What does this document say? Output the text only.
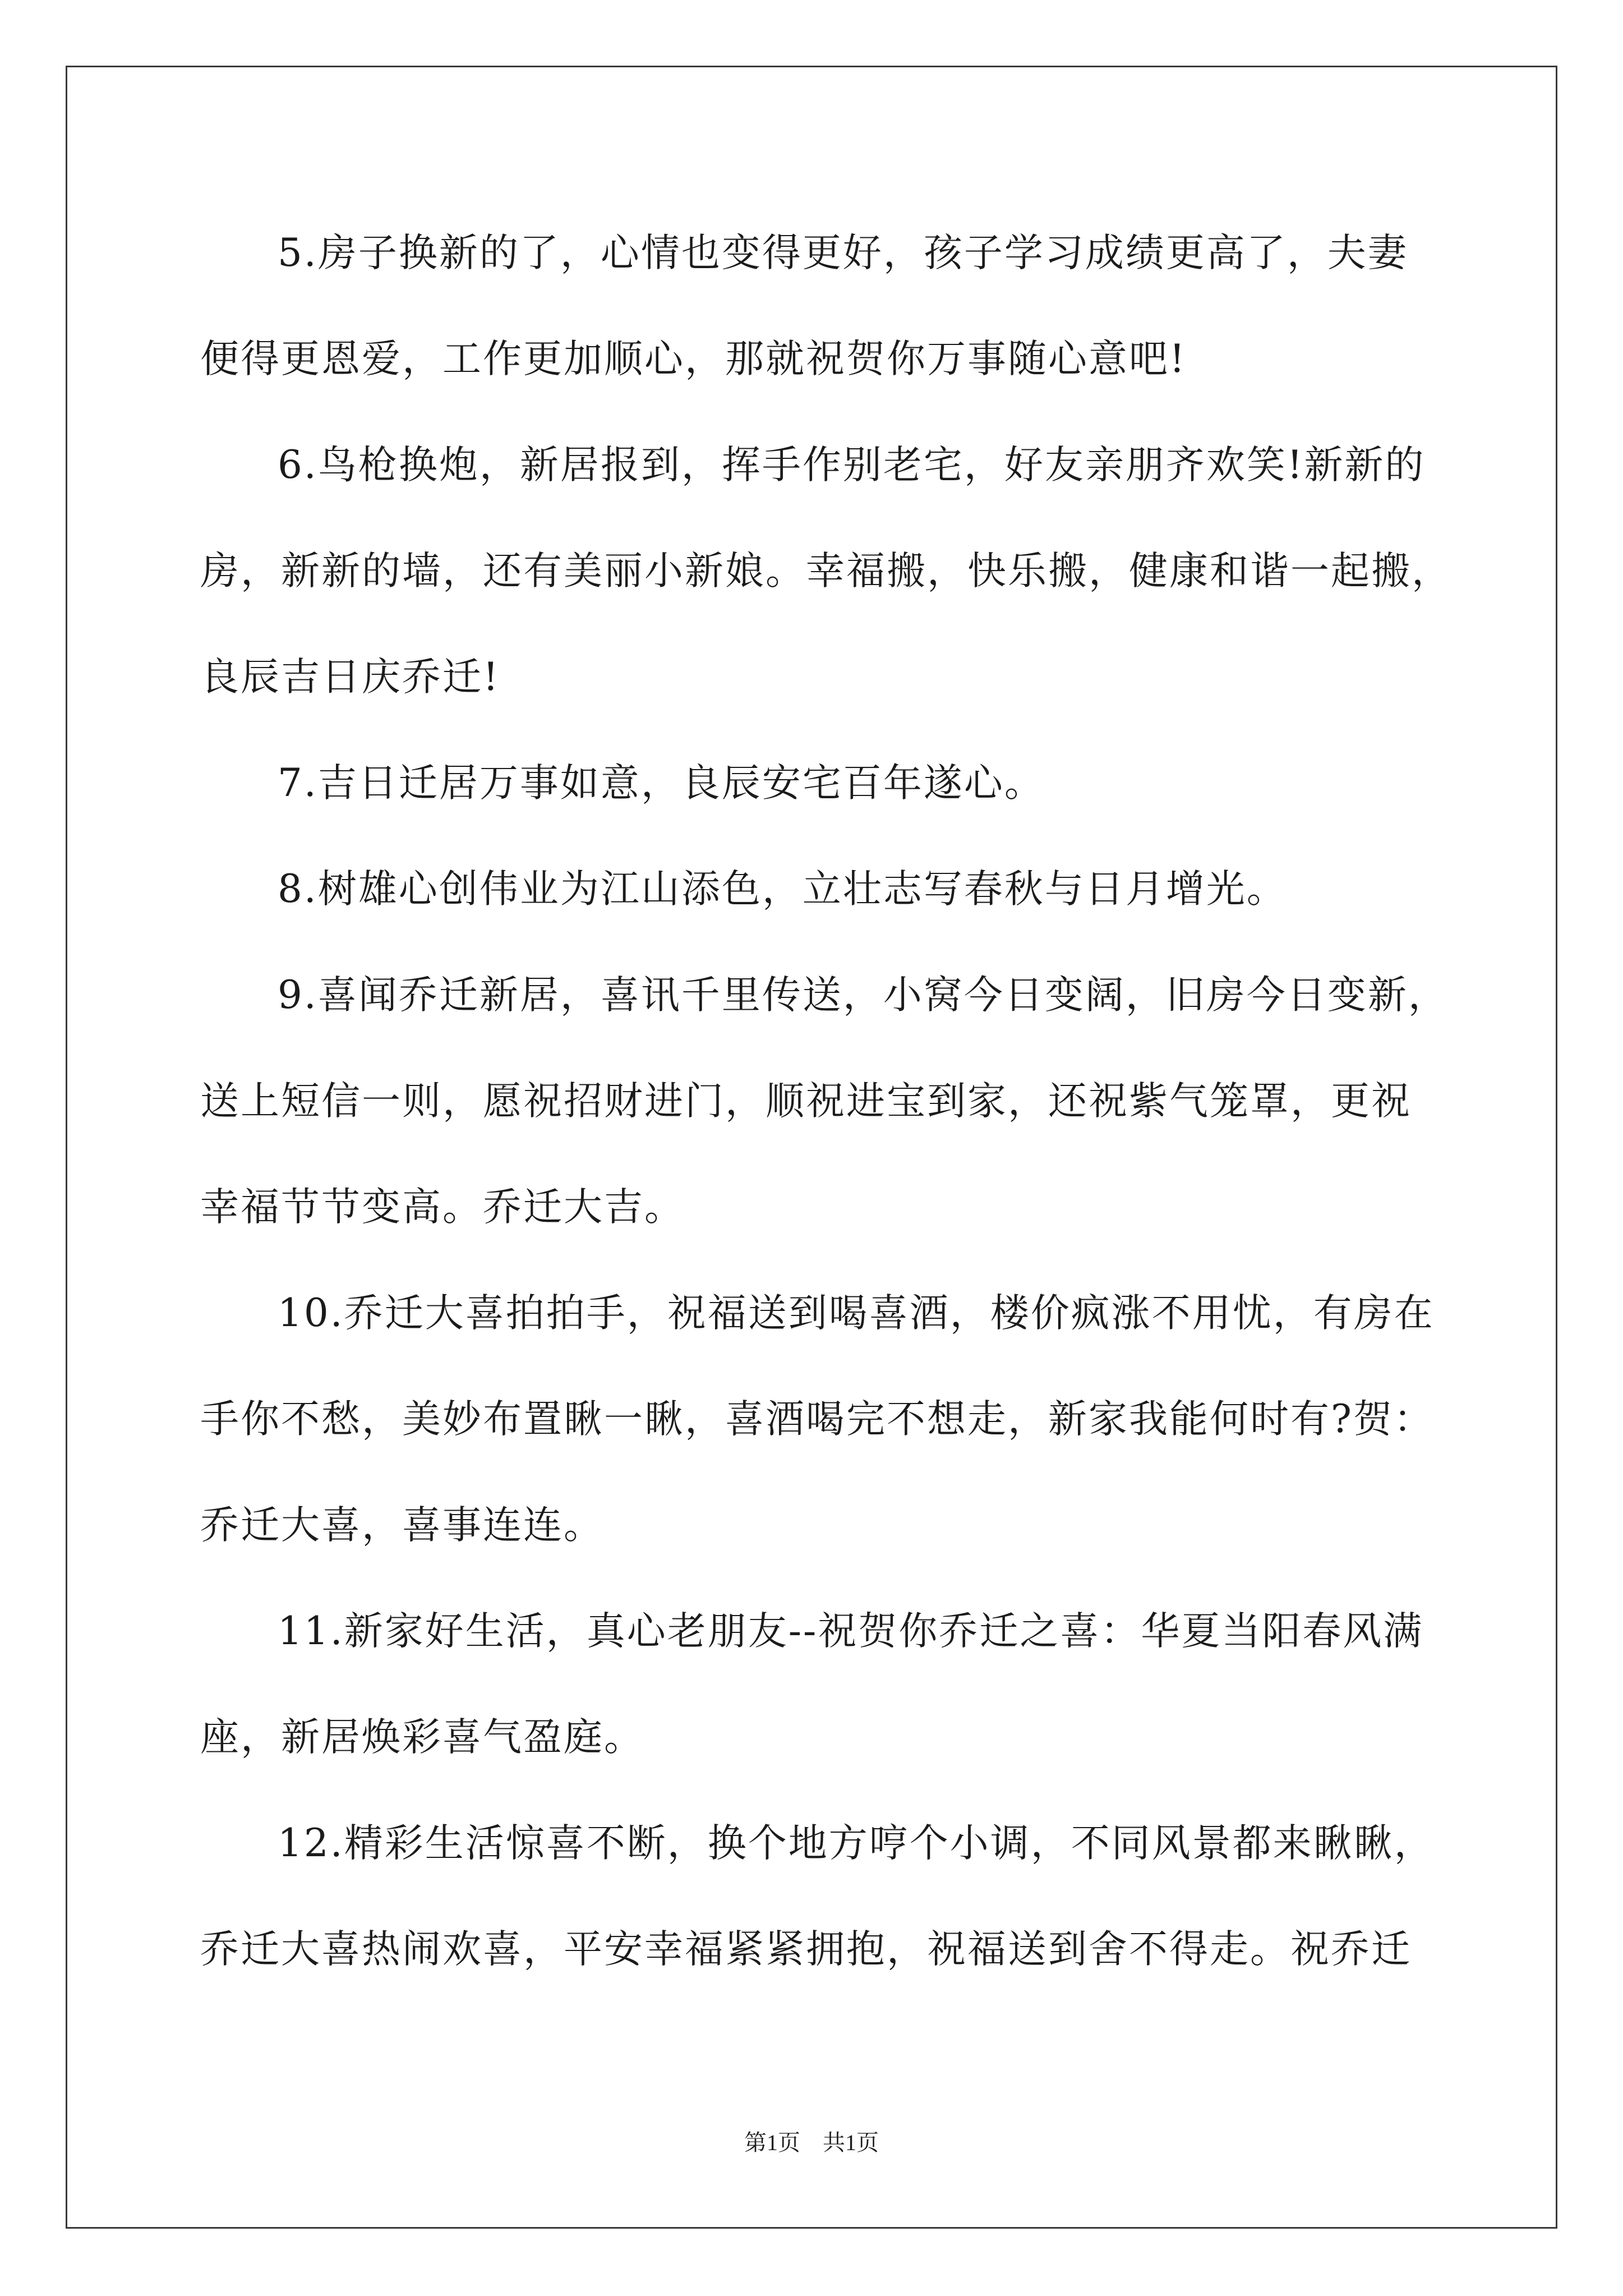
5.房子换新的了，心情也变得更好，孩子学习成绩更高了，夫妻
便得更恩爱，工作更加顺心，那就祝贺你万事随心意吧!
6.鸟枪换炮，新居报到，挥手作别老宅，好友亲朋齐欢笑!新新的
房，新新的墙，还有美丽小新娘。幸福搬，快乐搬，健康和谐一起搬，
良辰吉日庆乔迁!
7.吉日迁居万事如意，良辰安宅百年遂心。
8.树雄心创伟业为江山添色，立壮志写春秋与日月增光。
9.喜闻乔迁新居，喜讯千里传送，小窝今日变阔，旧房今日变新，
送上短信一则，愿祝招财进门，顺祝进宝到家，还祝紫气笼罩，更祝
幸福节节变高。乔迁大吉。
10.乔迁大喜拍拍手，祝福送到喝喜酒，楼价疯涨不用忧，有房在
手你不愁，美妙布置瞅一瞅，喜酒喝完不想走，新家我能何时有?贺：
乔迁大喜，喜事连连。
11.新家好生活，真心老朋友--祝贺你乔迁之喜：华夏当阳春风满
座，新居焕彩喜气盈庭。
12.精彩生活惊喜不断，换个地方哼个小调，不同风景都来瞅瞅，
乔迁大喜热闹欢喜，平安幸福紧紧拥抱，祝福送到舍不得走。祝乔迁
第1页　共1页
